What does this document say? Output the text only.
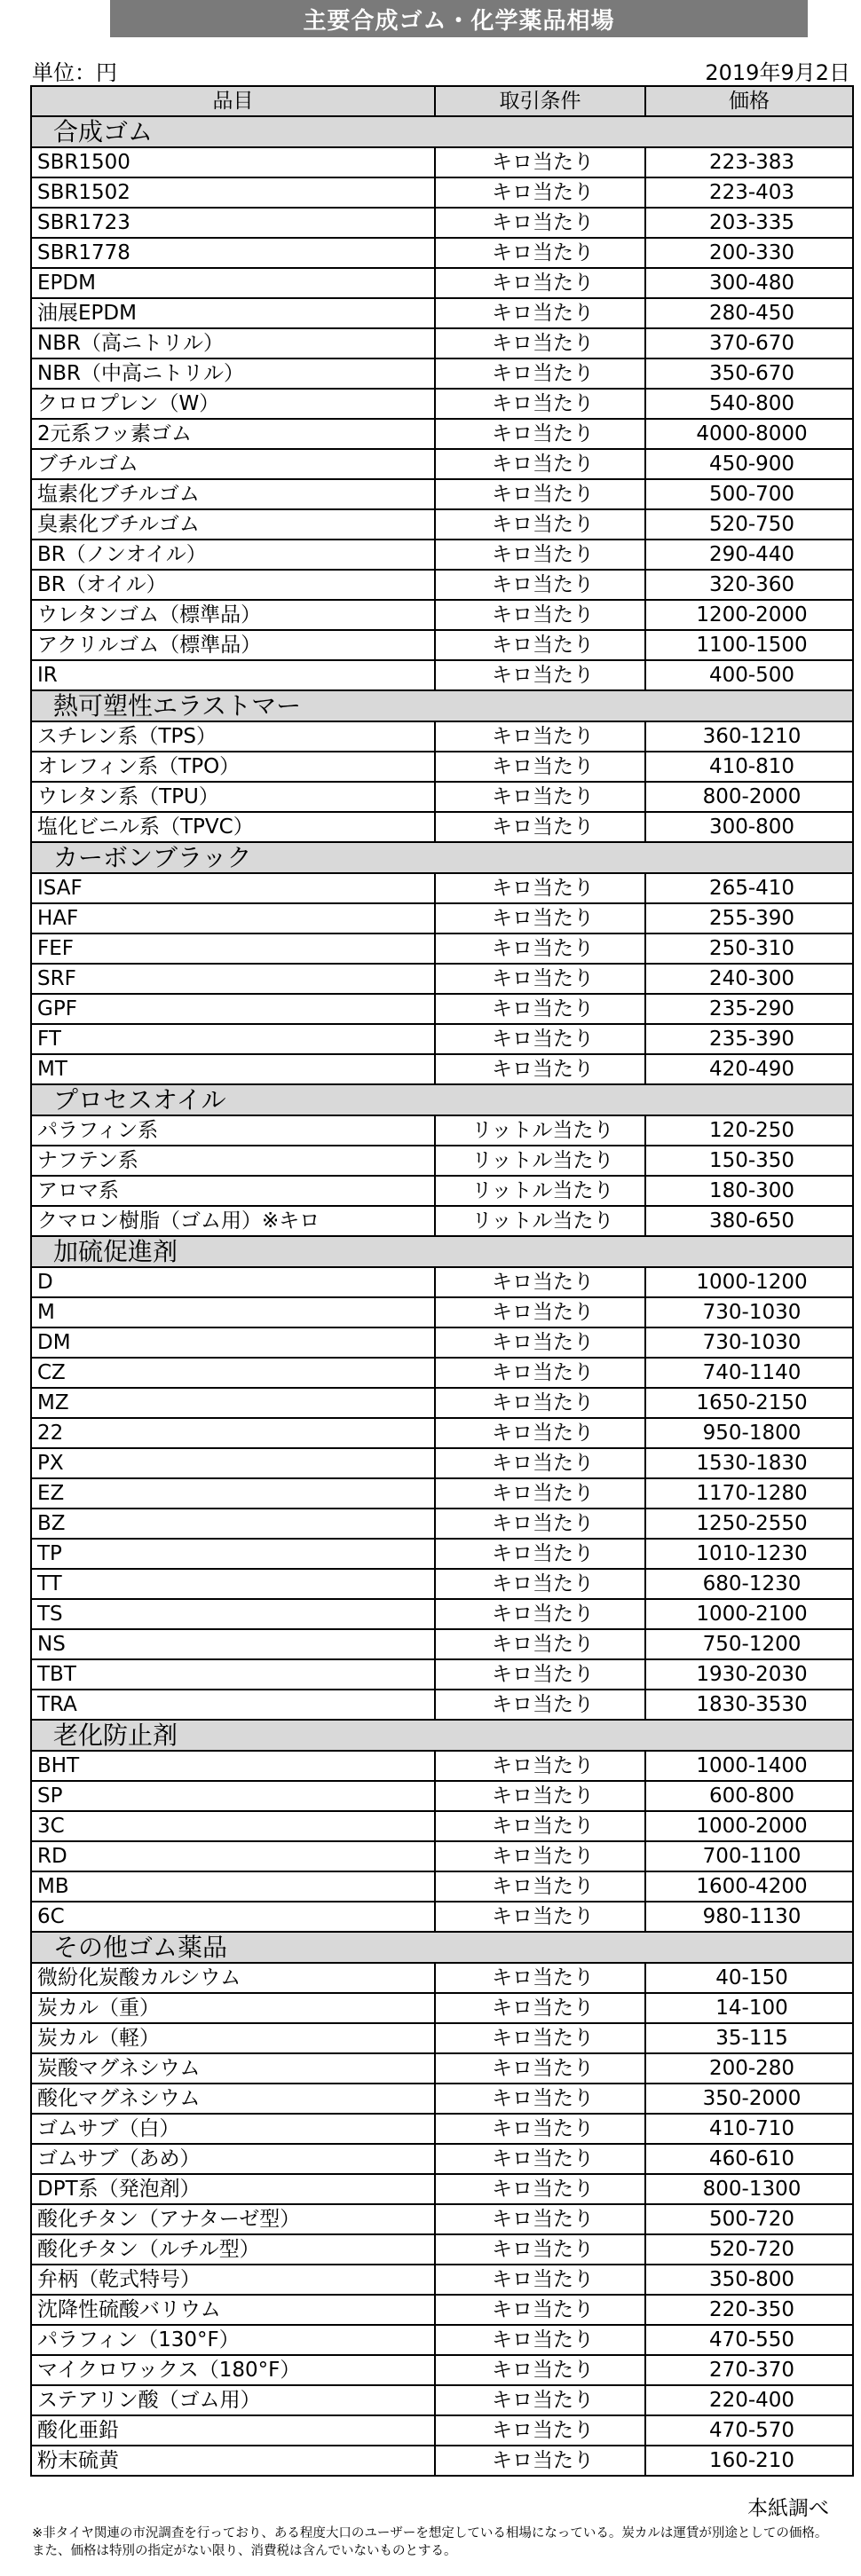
主要合成ゴム・化学薬品相場
単位：円	2019年9月2日
品目	取引条件	価格
合成ゴム		
SBR1500	キロ当たり	223-383
SBR1502	キロ当たり	223-403
SBR1723	キロ当たり	203-335
SBR1778	キロ当たり	200-330
EPDM	キロ当たり	300-480
油展EPDM	キロ当たり	280-450
NBR（高ニトリル）	キロ当たり	370-670
NBR（中高ニトリル）	キロ当たり	350-670
クロロプレン（W）	キロ当たり	540-800
2元系フッ素ゴム	キロ当たり	4000-8000
ブチルゴム	キロ当たり	450-900
塩素化ブチルゴム	キロ当たり	500-700
臭素化ブチルゴム	キロ当たり	520-750
BR（ノンオイル）	キロ当たり	290-440
BR（オイル）	キロ当たり	320-360
ウレタンゴム（標準品）	キロ当たり	1200-2000
アクリルゴム（標準品）	キロ当たり	1100-1500
IR	キロ当たり	400-500
熱可塑性エラストマー		
スチレン系（TPS）	キロ当たり	360-1210
オレフィン系（TPO）	キロ当たり	410-810
ウレタン系（TPU）	キロ当たり	800-2000
塩化ビニル系（TPVC）	キロ当たり	300-800
カーボンブラック		
ISAF	キロ当たり	265-410
HAF	キロ当たり	255-390
FEF	キロ当たり	250-310
SRF	キロ当たり	240-300
GPF	キロ当たり	235-290
FT	キロ当たり	235-390
MT	キロ当たり	420-490
プロセスオイル		
パラフィン系	リットル当たり	120-250
ナフテン系	リットル当たり	150-350
アロマ系	リットル当たり	180-300
クマロン樹脂（ゴム用）※キロ	リットル当たり	380-650
加硫促進剤		
D	キロ当たり	1000-1200
M	キロ当たり	730-1030
DM	キロ当たり	730-1030
CZ	キロ当たり	740-1140
MZ	キロ当たり	1650-2150
22	キロ当たり	950-1800
PX	キロ当たり	1530-1830
EZ	キロ当たり	1170-1280
BZ	キロ当たり	1250-2550
TP	キロ当たり	1010-1230
TT	キロ当たり	680-1230
TS	キロ当たり	1000-2100
NS	キロ当たり	750-1200
TBT	キロ当たり	1930-2030
TRA	キロ当たり	1830-3530
老化防止剤		
BHT	キロ当たり	1000-1400
SP	キロ当たり	600-800
3C	キロ当たり	1000-2000
RD	キロ当たり	700-1100
MB	キロ当たり	1600-4200
6C	キロ当たり	980-1130
その他ゴム薬品		
微紛化炭酸カルシウム	キロ当たり	40-150
炭カル（重）	キロ当たり	14-100
炭カル（軽）	キロ当たり	35-115
炭酸マグネシウム	キロ当たり	200-280
酸化マグネシウム	キロ当たり	350-2000
ゴムサブ（白）	キロ当たり	410-710
ゴムサブ（あめ）	キロ当たり	460-610
DPT系（発泡剤）	キロ当たり	800-1300
酸化チタン（アナターゼ型）	キロ当たり	500-720
酸化チタン（ルチル型）	キロ当たり	520-720
弁柄（乾式特号）	キロ当たり	350-800
沈降性硫酸バリウム	キロ当たり	220-350
パラフィン（130°F）	キロ当たり	470-550
マイクロワックス（180°F）	キロ当たり	270-370
ステアリン酸（ゴム用）	キロ当たり	220-400
酸化亜鉛	キロ当たり	470-570
粉末硫黄	キロ当たり	160-210
本紙調べ
※非タイヤ関連の市況調査を行っており、ある程度大口のユーザーを想定している相場になっている。炭カルは運賃が別途としての価格。また、価格は特別の指定がない限り、消費税は含んでいないものとする。
